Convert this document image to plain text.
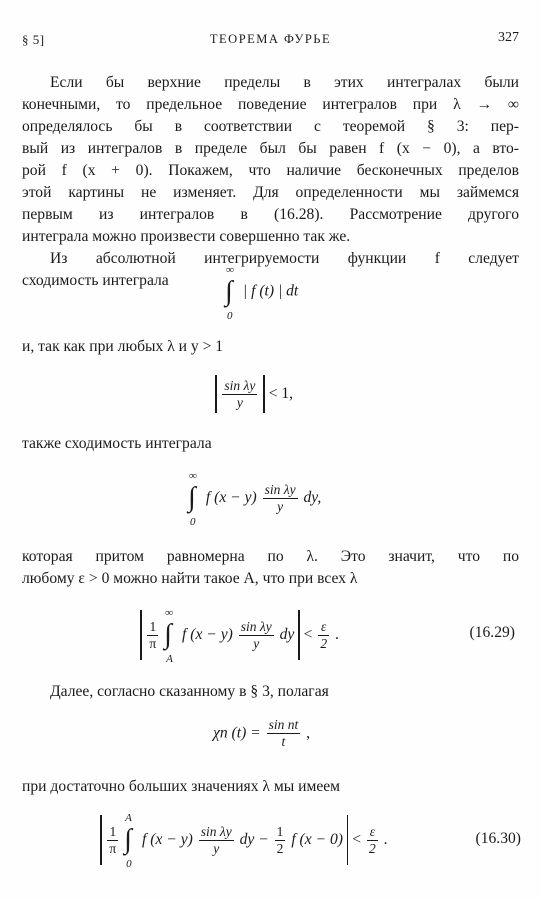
§ 5]	ТЕОРЕМА ФУРЬЕ	327
Если бы верхние пределы в этих интегралах были
конечными, то предельное поведение интегралов при λ → ∞
определялось бы в соответствии с теоремой § 3: пер-
вый из интегралов в пределе был бы равен f (x − 0), а вто-
рой f (x + 0). Покажем, что наличие бесконечных пределов
этой картины не изменяет. Для определенности мы займемся
первым из интегралов в (16.28). Рассмотрение другого
интеграла можно произвести совершенно так же.
Из абсолютной интегрируемости функции f следует
сходимость интеграла
∞
∫
0
| f (t) | dt
и, так как при любых λ и y > 1

$\frac{\text{sin λy}}{y} < 1$,
также сходимость интеграла
∞
∫
0
f $(x - y) \frac{\text{sin λy}}{y}$ dy,
которая притом равномерна по λ. Это значит, что по
любому ε > 0 можно найти такое A, что при всех λ

$\frac{1}{\pi}$

∞
∫
A
f $(x - y) \frac{\text{sin λy}}{y}$ dy < $\frac{\varepsilon}{2}$ .	(16.29)
Далее, согласно сказанному в § 3, полагая
χn $(t) = \frac{\text{sin nt}}{t}$ ,
при достаточно больших значениях λ мы имеем

$\frac{1}{\pi}$

A
∫
0
f $(x - y) \frac{\text{sin λy}}{y}$ dy − $\frac{1}{2}$ f $(x - 0) < \frac{\varepsilon}{2}$ .	(16.30)
